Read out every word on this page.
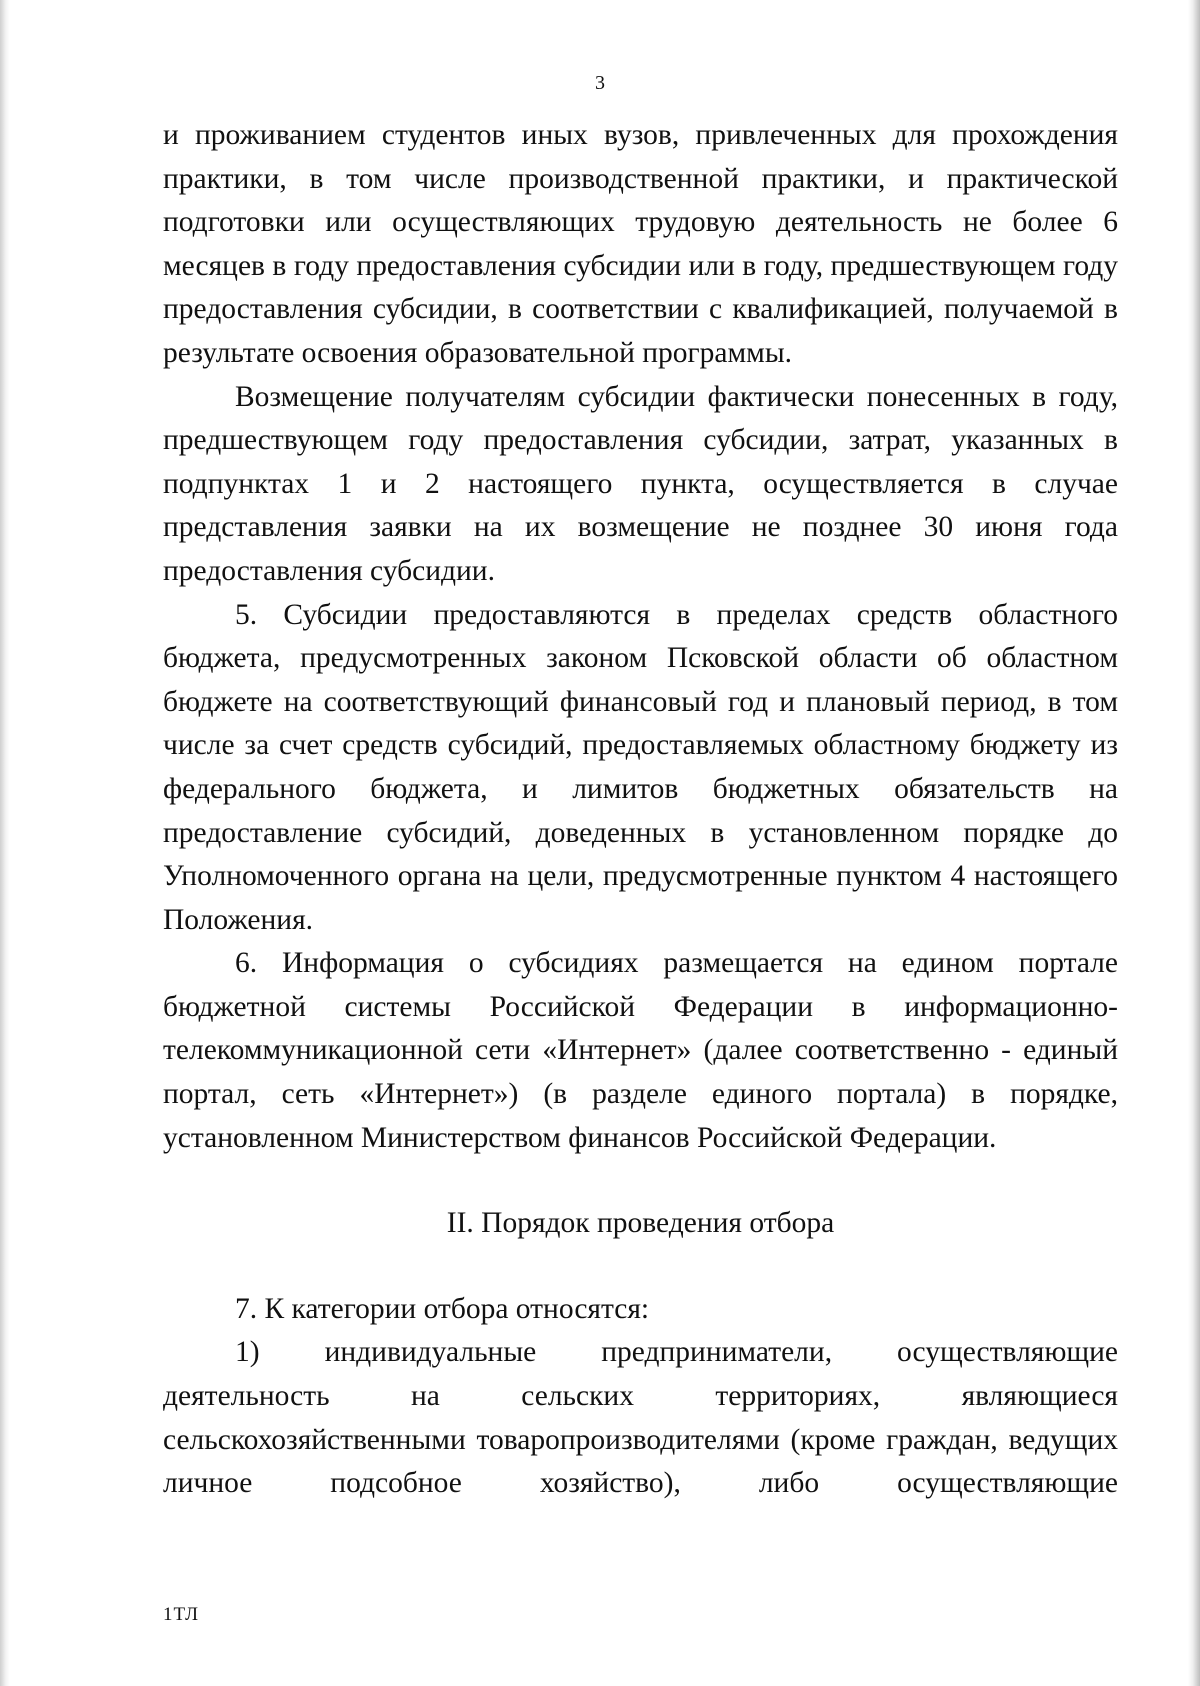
3

и проживанием студентов иных вузов, привлеченных для прохождения практики, в том числе производственной практики, и практической подготовки или осуществляющих трудовую деятельность не более 6 месяцев в году предоставления субсидии или в году, предшествующем году предоставления субсидии, в соответствии с квалификацией, получаемой в результате освоения образовательной программы.

Возмещение получателям субсидии фактически понесенных в году, предшествующем году предоставления субсидии, затрат, указанных в подпунктах 1 и 2 настоящего пункта, осуществляется в случае представления заявки на их возмещение не позднее 30 июня года предоставления субсидии.

5. Субсидии предоставляются в пределах средств областного бюджета, предусмотренных законом Псковской области об областном бюджете на соответствующий финансовый год и плановый период, в том числе за счет средств субсидий, предоставляемых областному бюджету из федерального бюджета, и лимитов бюджетных обязательств на предоставление субсидий, доведенных в установленном порядке до Уполномоченного органа на цели, предусмотренные пунктом 4 настоящего Положения.

6. Информация о субсидиях размещается на едином портале бюджетной системы Российской Федерации в информационно-телекоммуникационной сети «Интернет» (далее соответственно - единый портал, сеть «Интернет») (в разделе единого портала) в порядке, установленном Министерством финансов Российской Федерации.

II. Порядок проведения отбора

7. К категории отбора относятся:

1) индивидуальные предприниматели, осуществляющие деятельность на сельских территориях, являющиеся сельскохозяйственными товаропроизводителями (кроме граждан, ведущих личное подсобное хозяйство), либо осуществляющие

1ТЛ
